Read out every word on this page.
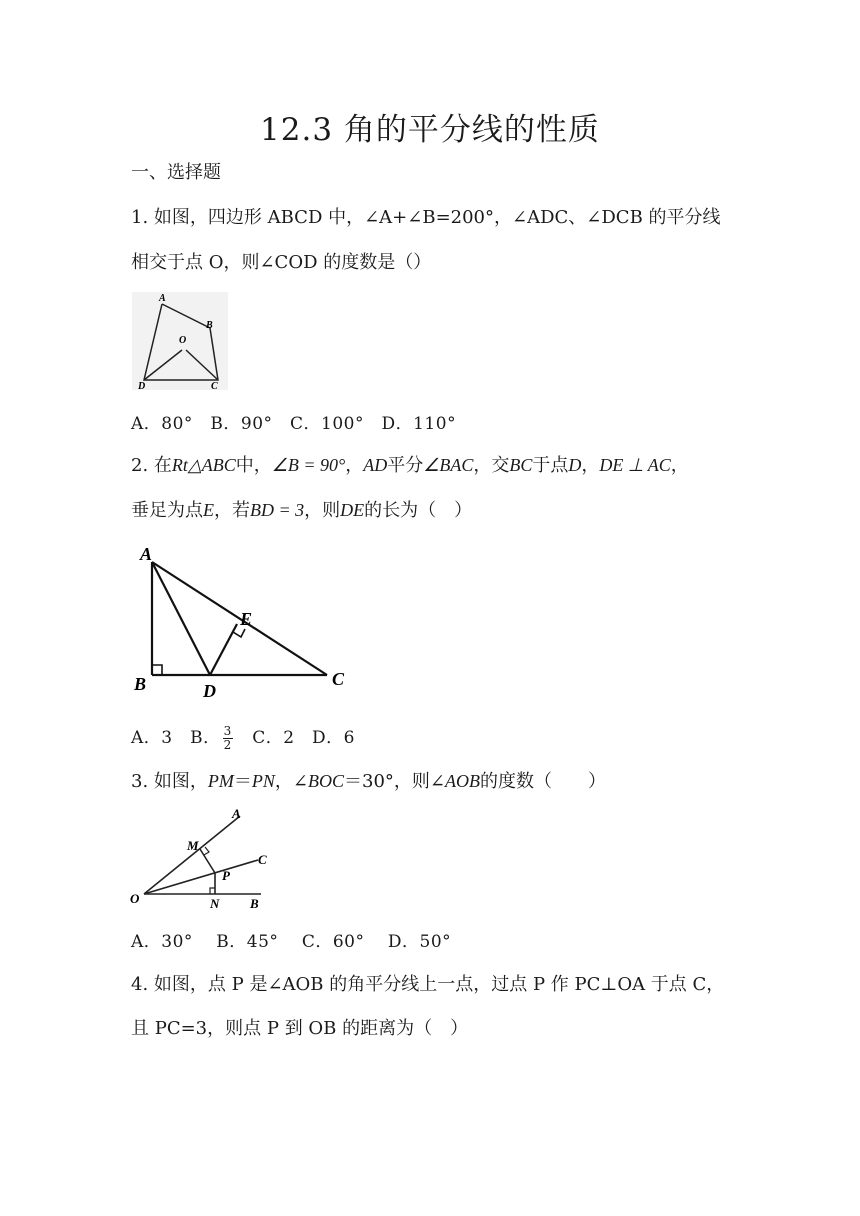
12.3 角的平分线的性质
一、选择题
1. 如图，四边形 ABCD 中，∠A+∠B=200°，∠ADC、∠DCB 的平分线
相交于点 O，则∠COD 的度数是（）
A
B
O
D	C
A．80°　B．90°　C．100°　D．110°
2. 在Rt△ABC中，∠B = 90°，AD平分∠BAC，交BC于点D，DE ⊥ AC，
垂足为点E，若BD = 3，则DE的长为（　）
A
E
B	D
C
A．3　B． $\frac{3}{2}$ 　C．2　D．6
3. 如图，PM＝PN，∠BOC＝30°，则∠AOB的度数（　　）
A
M
C
P
O	N B
A．30°　 B．45°　 C．60°　 D．50°
4. 如图，点 P 是∠AOB 的角平分线上一点，过点 P 作 PC⊥OA 于点 C，
且 PC=3，则点 P 到 OB 的距离为（　）
